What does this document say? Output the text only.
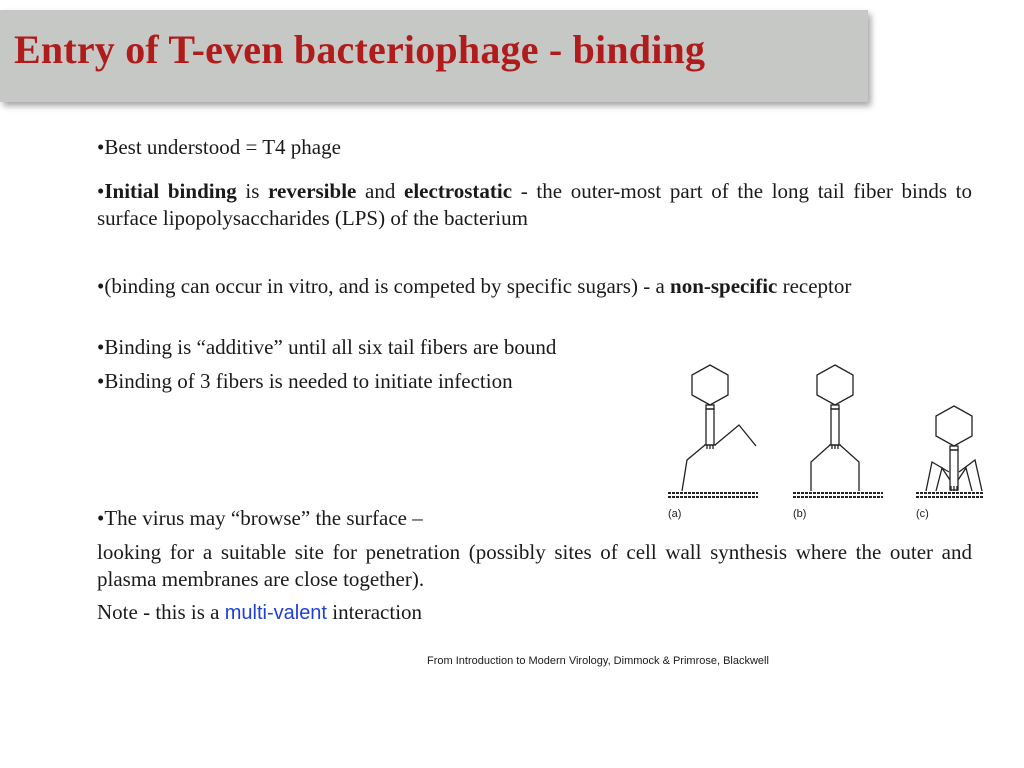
Entry of T-even bacteriophage - binding
•Best understood = T4 phage
•Initial binding is reversible and electrostatic - the outer-most part of the long tail fiber binds to surface lipopolysaccharides (LPS) of the bacterium
•(binding can occur in vitro, and is competed by specific sugars) - a non-specific receptor
•Binding is “additive” until all six tail fibers are bound
•Binding of 3 fibers is needed to initiate infection
(a)	(b)	(c)
•The virus may “browse” the surface –
looking for a suitable site for penetration (possibly sites of cell wall synthesis where the outer and plasma membranes are close together).
Note - this is a multi-valent interaction
From Introduction to Modern Virology, Dimmock & Primrose, Blackwell
